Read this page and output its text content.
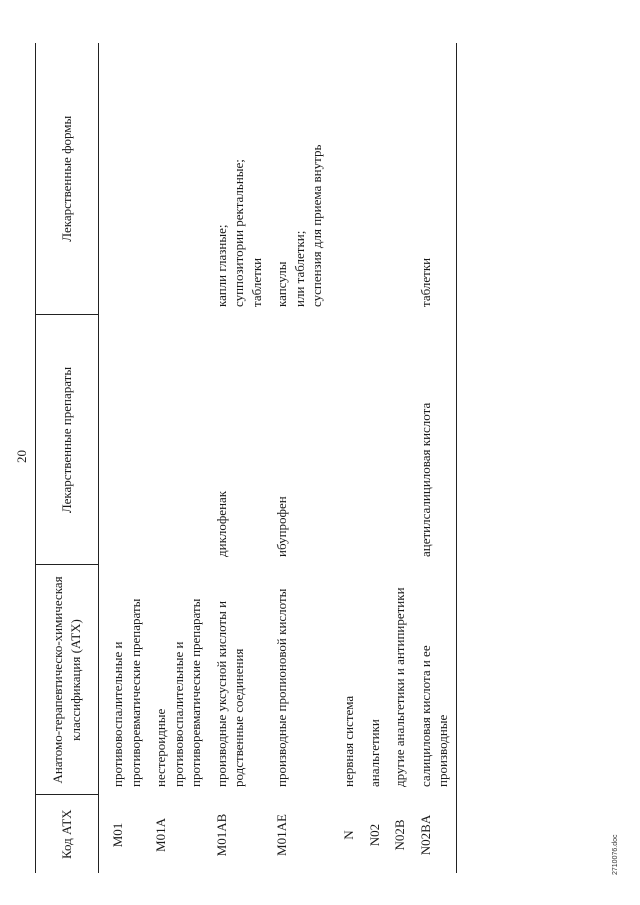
20
Код АТХ	Анатомо-терапевтическо-химическая классификация (АТХ)	Лекарственные препараты	Лекарственные формы
M01	противовоспалительные и противоревматические препараты		
M01A	нестероидные противовоспалительные и противоревматические препараты		
M01AB	производные уксусной кислоты и родственные соединения	диклофенак	капли глазные;
суппозитории ректальные;
таблетки
M01AE	производные пропионовой кислоты	ибупрофен	капсулы
или таблетки;
суспензия для приема внутрь
N	нервная система		
N02	анальгетики		
N02B	другие анальгетики и антипиретики		
N02BA	салициловая кислота и ее производные	ацетилсалициловая кислота	таблетки
2710076.doc
